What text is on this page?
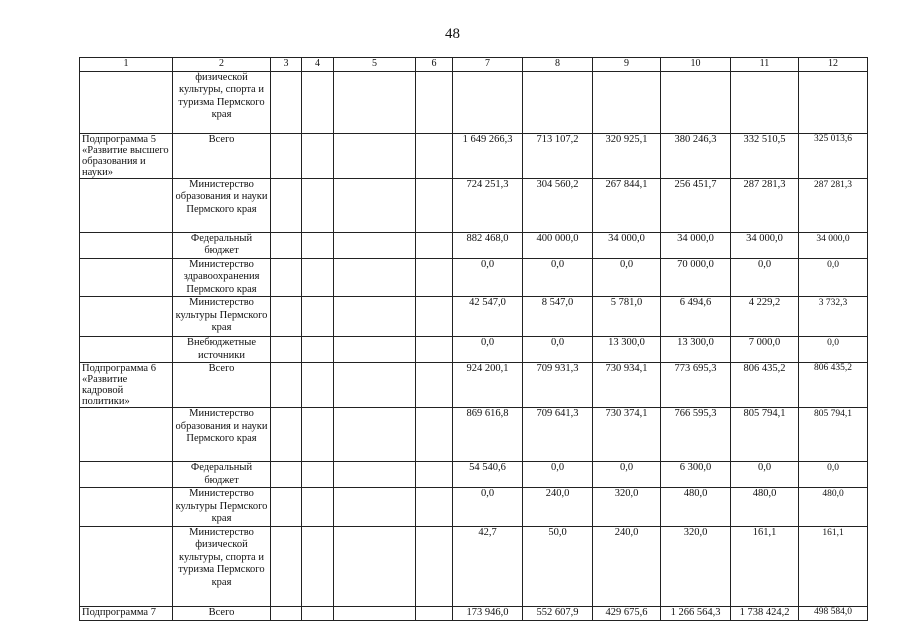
48
1	2	3	4	5	6	7	8	9	10	11	12
	физической культуры, спорта и туризма Пермского края										
Подпрограмма 5 «Развитие высшего образования и науки»	Всего					1 649 266,3	713 107,2	320 925,1	380 246,3	332 510,5	325 013,6
	Министерство образования и науки Пермского края					724 251,3	304 560,2	267 844,1	256 451,7	287 281,3	287 281,3
	Федеральный бюджет					882 468,0	400 000,0	34 000,0	34 000,0	34 000,0	34 000,0
	Министерство здравоохранения Пермского края					0,0	0,0	0,0	70 000,0	0,0	0,0
	Министерство культуры Пермского края					42 547,0	8 547,0	5 781,0	6 494,6	4 229,2	3 732,3
	Внебюджетные источники					0,0	0,0	13 300,0	13 300,0	7 000,0	0,0
Подпрограмма 6 «Развитие кадровой политики»	Всего					924 200,1	709 931,3	730 934,1	773 695,3	806 435,2	806 435,2
	Министерство образования и науки Пермского края					869 616,8	709 641,3	730 374,1	766 595,3	805 794,1	805 794,1
	Федеральный бюджет					54 540,6	0,0	0,0	6 300,0	0,0	0,0
	Министерство культуры Пермского края					0,0	240,0	320,0	480,0	480,0	480,0
	Министерство физической культуры, спорта и туризма Пермского края					42,7	50,0	240,0	320,0	161,1	161,1
Подпрограмма 7	Всего					173 946,0	552 607,9	429 675,6	1 266 564,3	1 738 424,2	498 584,0
